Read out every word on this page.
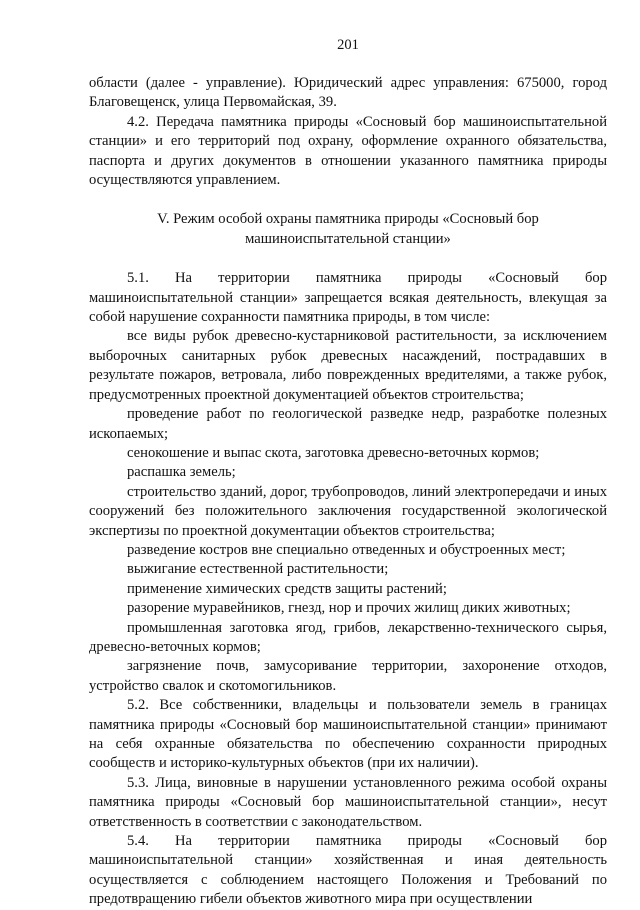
201

области (далее - управление). Юридический адрес управления: 675000, город Благовещенск, улица Первомайская, 39.

4.2. Передача памятника природы «Сосновый бор машиноиспытательной станции» и его территорий под охрану, оформление охранного обязательства, паспорта и других документов в отношении указанного памятника природы осуществляются управлением.

V. Режим особой охраны памятника природы «Сосновый бор
машиноиспытательной станции»

5.1. На территории памятника природы «Сосновый бор машиноиспытательной станции» запрещается всякая деятельность, влекущая за собой нарушение сохранности памятника природы, в том числе:

все виды рубок древесно-кустарниковой растительности, за исключением выборочных санитарных рубок древесных насаждений, пострадавших в результате пожаров, ветровала, либо поврежденных вредителями, а также рубок, предусмотренных проектной документацией объектов строительства;

проведение работ по геологической разведке недр, разработке полезных ископаемых;

сенокошение и выпас скота, заготовка древесно-веточных кормов;

распашка земель;

строительство зданий, дорог, трубопроводов, линий электропередачи и иных сооружений без положительного заключения государственной экологической экспертизы по проектной документации объектов строительства;

разведение костров вне специально отведенных и обустроенных мест;

выжигание естественной растительности;

применение химических средств защиты растений;

разорение муравейников, гнезд, нор и прочих жилищ диких животных;

промышленная заготовка ягод, грибов, лекарственно-технического сырья, древесно-веточных кормов;

загрязнение почв, замусоривание территории, захоронение отходов, устройство свалок и скотомогильников.

5.2. Все собственники, владельцы и пользователи земель в границах памятника природы «Сосновый бор машиноиспытательной станции» принимают на себя охранные обязательства по обеспечению сохранности природных сообществ и историко-культурных объектов (при их наличии).

5.3. Лица, виновные в нарушении установленного режима особой охраны памятника природы «Сосновый бор машиноиспытательной станции», несут ответственность в соответствии с законодательством.

5.4. На территории памятника природы «Сосновый бор машиноиспытательной станции» хозяйственная и иная деятельность осуществляется с соблюдением настоящего Положения и Требований по предотвращению гибели объектов животного мира при осуществлении
